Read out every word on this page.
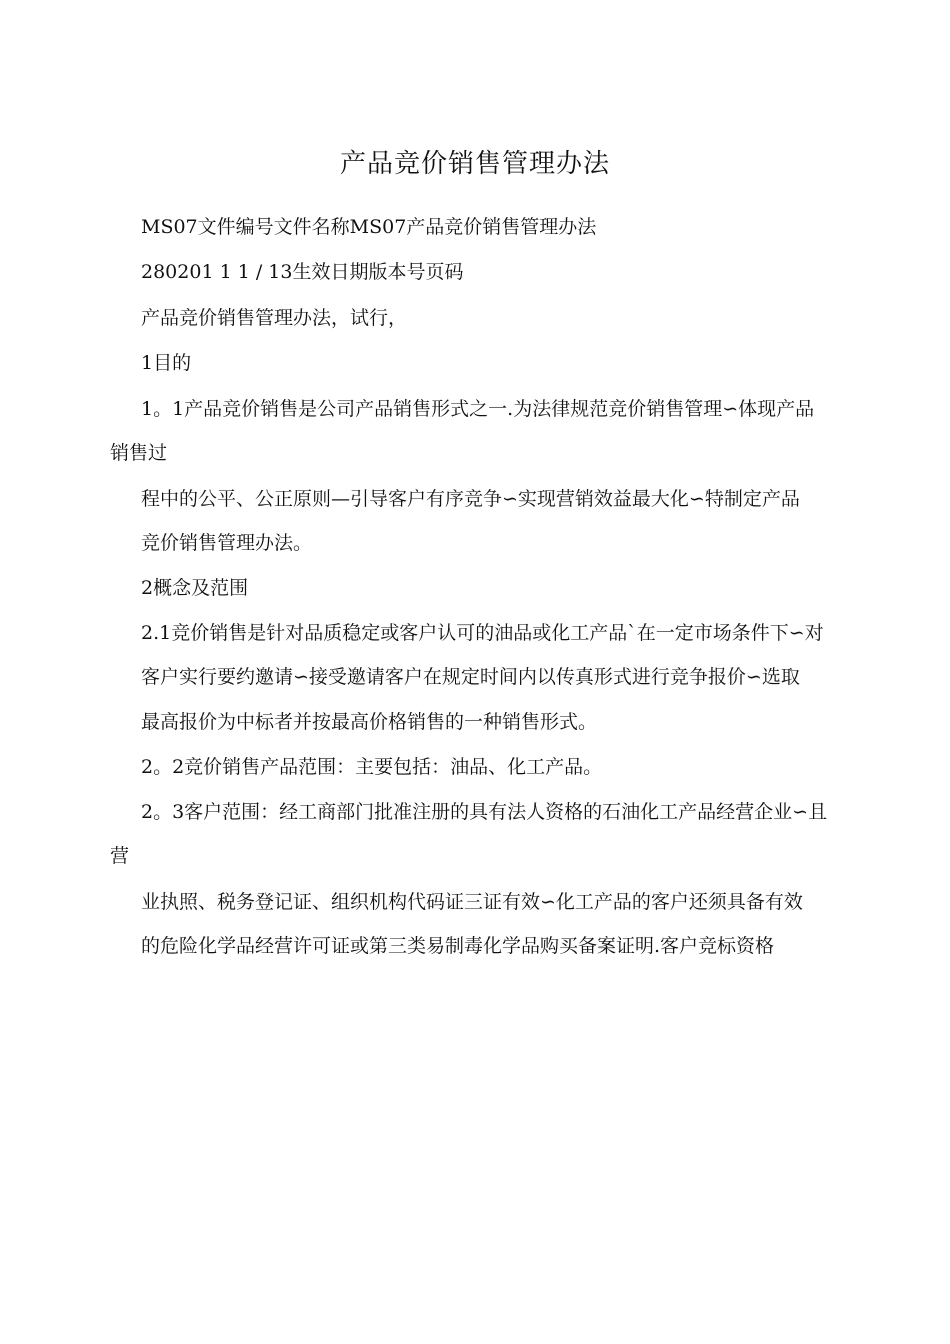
产品竞价销售管理办法
MS07文件编号文件名称MS07产品竞价销售管理办法
280201 1 1 / 13生效日期版本号页码
产品竞价销售管理办法，试行，
1目的
1。1产品竞价销售是公司产品销售形式之一.为法律规范竞价销售管理∽体现产品
销售过
程中的公平、公正原则—引导客户有序竞争∽实现营销效益最大化∽特制定产品
竞价销售管理办法。
2概念及范围
2.1竞价销售是针对品质稳定或客户认可的油品或化工产品`在一定市场条件下∽对
客户实行要约邀请∽接受邀请客户在规定时间内以传真形式进行竞争报价∽选取
最高报价为中标者并按最高价格销售的一种销售形式。
2。2竞价销售产品范围：主要包括：油品、化工产品。
2。3客户范围：经工商部门批准注册的具有法人资格的石油化工产品经营企业∽且
营
业执照、税务登记证、组织机构代码证三证有效∽化工产品的客户还须具备有效
的危险化学品经营许可证或第三类易制毒化学品购买备案证明.客户竞标资格
